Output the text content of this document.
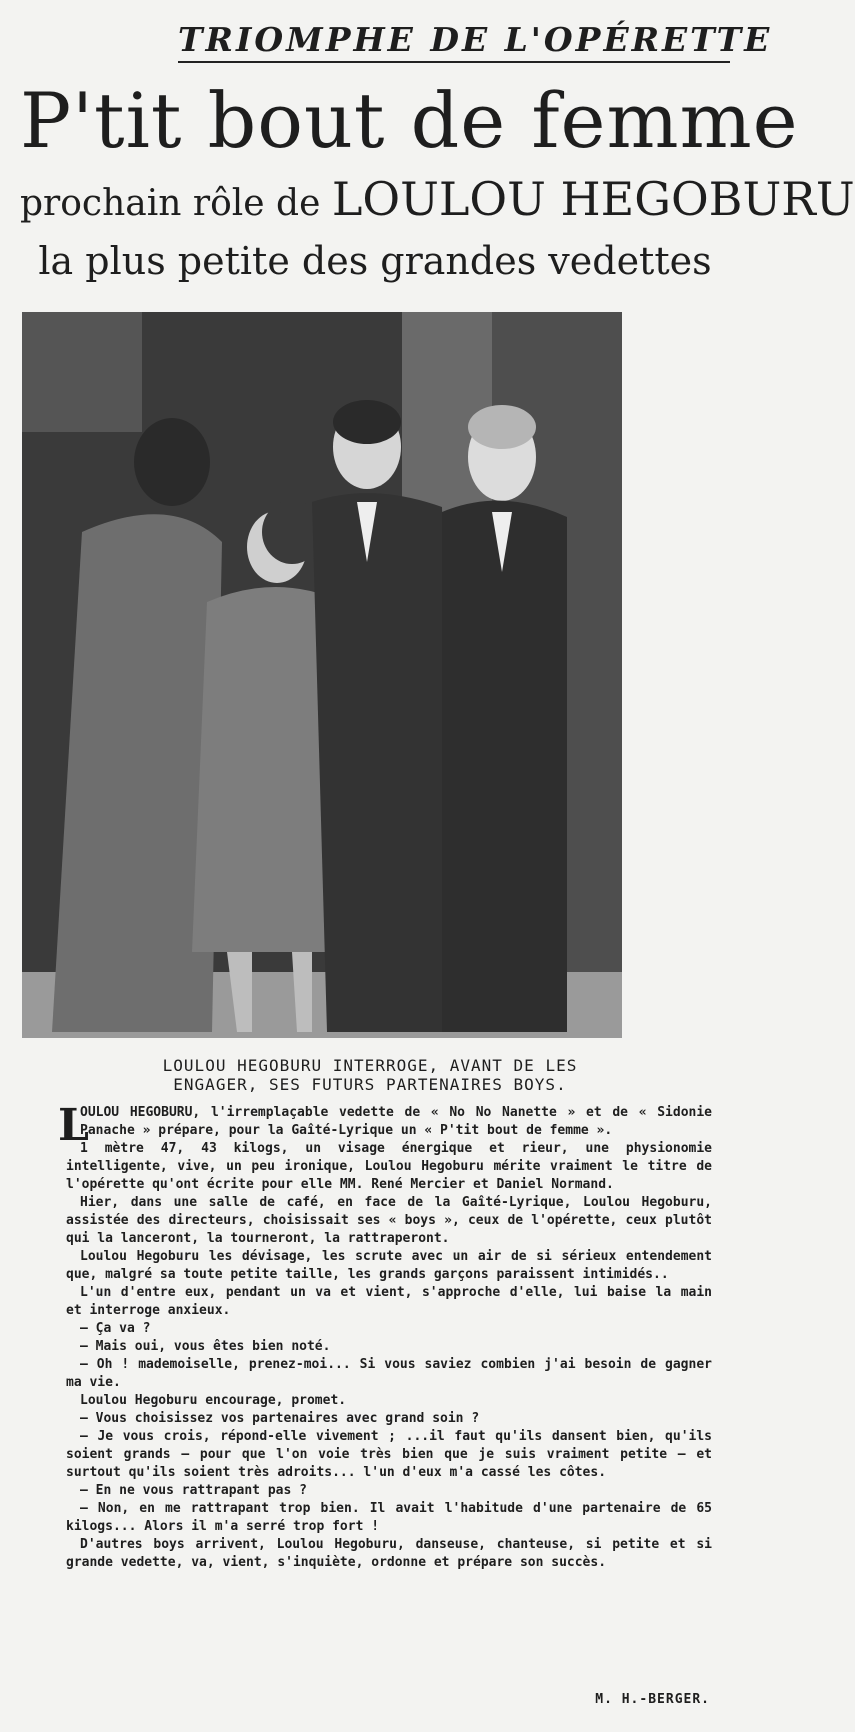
TRIOMPHE DE L'OPÉRETTE
P'tit bout de femme
prochain rôle de LOULOU HEGOBURU
la plus petite des grandes vedettes
LOULOU HEGOBURU INTERROGE, AVANT DE LES
ENGAGER, SES FUTURS PARTENAIRES BOYS.
L

OULOU HEGOBURU, l'irremplaçable vedette de « No No Nanette » et de « Sidonie Panache » prépare, pour la Gaîté-Lyrique un « P'tit bout de femme ».

1 mètre 47, 43 kilogs, un visage énergique et rieur, une physionomie intelligente, vive, un peu ironique, Loulou Hegoburu mérite vraiment le titre de l'opérette qu'ont écrite pour elle MM. René Mercier et Daniel Normand.

Hier, dans une salle de café, en face de la Gaîté-Lyrique, Loulou Hegoburu, assistée des directeurs, choisissait ses « boys », ceux de l'opérette, ceux plutôt qui la lanceront, la tourneront, la rattraperont.

Loulou Hegoburu les dévisage, les scrute avec un air de si sérieux entendement que, malgré sa toute petite taille, les grands garçons paraissent intimidés..

L'un d'entre eux, pendant un va et vient, s'approche d'elle, lui baise la main et interroge anxieux.

— Ça va ?

— Mais oui, vous êtes bien noté.

— Oh ! mademoiselle, prenez-moi... Si vous saviez combien j'ai besoin de gagner ma vie.

Loulou Hegoburu encourage, promet.

— Vous choisissez vos partenaires avec grand soin ?

— Je vous crois, répond-elle vivement ; ...il faut qu'ils dansent bien, qu'ils soient grands — pour que l'on voie très bien que je suis vraiment petite — et surtout qu'ils soient très adroits... l'un d'eux m'a cassé les côtes.

— En ne vous rattrapant pas ?

— Non, en me rattrapant trop bien. Il avait l'habitude d'une partenaire de 65 kilogs... Alors il m'a serré trop fort !

D'autres boys arrivent, Loulou Hegoburu, danseuse, chanteuse, si petite et si grande vedette, va, vient, s'inquiète, ordonne et prépare son succès.

M. H.-BERGER.
